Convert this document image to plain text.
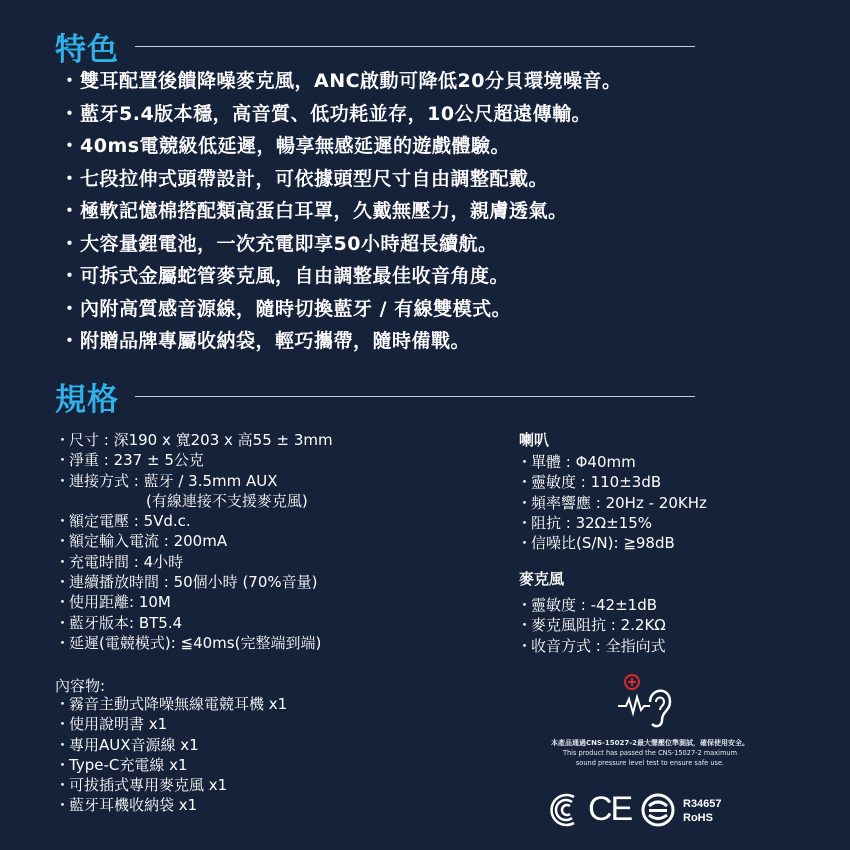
特色
・雙耳配置後饋降噪麥克風，ANC啟動可降低20分貝環境噪音。
・藍牙5.4版本穩，高音質、低功耗並存，10公尺超遠傳輸。
・40ms電競級低延遲，暢享無感延遲的遊戲體驗。
・七段拉伸式頭帶設計，可依據頭型尺寸自由調整配戴。
・極軟記憶棉搭配類高蛋白耳罩，久戴無壓力，親膚透氣。
・大容量鋰電池，一次充電即享50小時超長續航。
・可拆式金屬蛇管麥克風，自由調整最佳收音角度。
・內附高質感音源線，隨時切換藍牙 / 有線雙模式。
・附贈品牌專屬收納袋，輕巧攜帶，隨時備戰。
規格
・尺寸 : 深190 x 寬203 x 高55 ± 3mm
・淨重 : 237 ± 5公克
・連接方式 : 藍牙 / 3.5mm AUX
(有線連接不支援麥克風)
・額定電壓 : 5Vd.c.
・額定輸入電流 : 200mA
・充電時間 : 4小時
・連續播放時間 : 50個小時 (70%音量)
・使用距離: 10M
・藍牙版本: BT5.4
・延遲(電競模式): ≦40ms(完整端到端)
喇叭
・單體 : Φ40mm
・靈敏度 : 110±3dB
・頻率響應 : 20Hz - 20KHz
・阻抗 : 32Ω±15%
・信噪比(S/N): ≧98dB
麥克風
・靈敏度 : -42±1dB
・麥克風阻抗 : 2.2KΩ
・收音方式 : 全指向式
內容物:
・霧音主動式降噪無線電競耳機 x1
・使用說明書 x1
・專用AUX音源線 x1
・Type-C充電線 x1
・可拔插式專用麥克風 x1
・藍牙耳機收納袋 x1
本產品通過CNS-15027-2最大聲壓位準測試，確保使用安全。
This product has passed the CNS-15027-2 maximum
sound pressure level test to ensure safe use.
CE	R34657
RoHS
